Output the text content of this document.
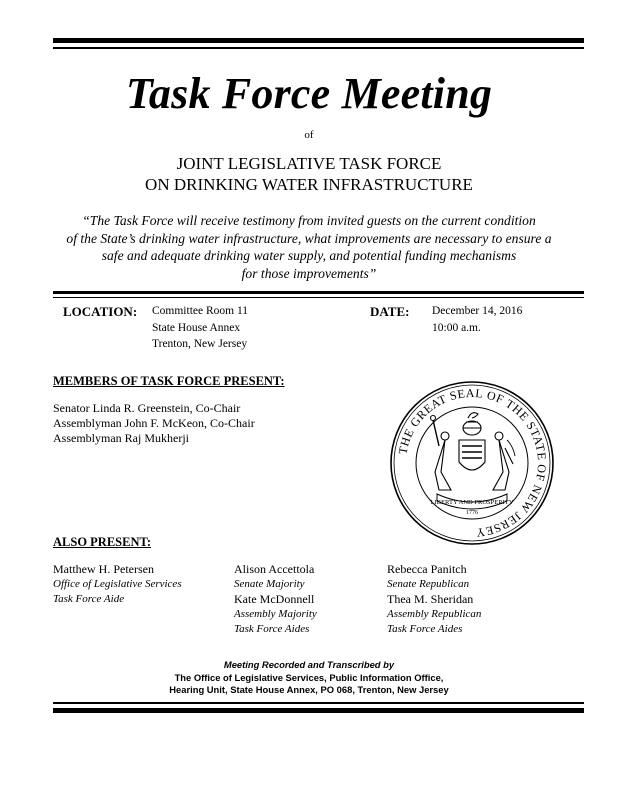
Task Force Meeting
of
JOINT LEGISLATIVE TASK FORCE
ON DRINKING WATER INFRASTRUCTURE
“The Task Force will receive testimony from invited guests on the current condition
of the State’s drinking water infrastructure, what improvements are necessary to ensure a
safe and adequate drinking water supply, and potential funding mechanisms
for those improvements”
LOCATION: Committee Room 11
State House Annex
Trenton, New Jersey
DATE: December 14, 2016
10:00 a.m.
MEMBERS OF TASK FORCE PRESENT:
Senator Linda R. Greenstein, Co-Chair
Assemblyman John F. McKeon, Co-Chair
Assemblyman Raj Mukherji
THE GREAT SEAL OF THE STATE OF NEW JERSEY
LIBERTY AND PROSPERITY
1776
ALSO PRESENT:
Matthew H. Petersen
Office of Legislative Services
Task Force Aide
Alison Accettola
Senate Majority
Kate McDonnell
Assembly Majority
Task Force Aides
Rebecca Panitch
Senate Republican
Thea M. Sheridan
Assembly Republican
Task Force Aides
Meeting Recorded and Transcribed by
The Office of Legislative Services, Public Information Office,
Hearing Unit, State House Annex, PO 068, Trenton, New Jersey
